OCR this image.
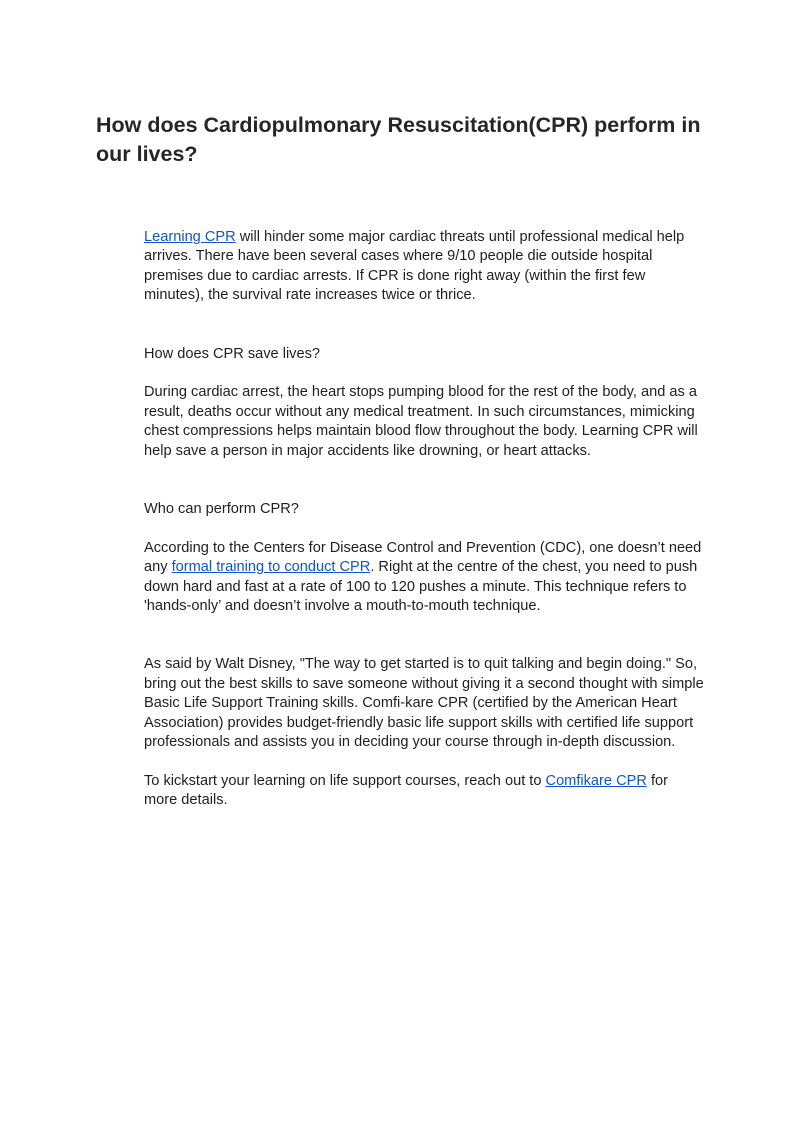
How does Cardiopulmonary Resuscitation(CPR) perform in our lives?

Learning CPR will hinder some major cardiac threats until professional medical help arrives. There have been several cases where 9/10 people die outside hospital premises due to cardiac arrests. If CPR is done right away (within the first few minutes), the survival rate increases twice or thrice.

How does CPR save lives?

During cardiac arrest, the heart stops pumping blood for the rest of the body, and as a result, deaths occur without any medical treatment. In such circumstances, mimicking chest compressions helps maintain blood flow throughout the body. Learning CPR will help save a person in major accidents like drowning, or heart attacks.

Who can perform CPR?

According to the Centers for Disease Control and Prevention (CDC), one doesn’t need any formal training to conduct CPR. Right at the centre of the chest, you need to push down hard and fast at a rate of 100 to 120 pushes a minute. This technique refers to 'hands-only’ and doesn’t involve a mouth-to-mouth technique.

As said by Walt Disney, "The way to get started is to quit talking and begin doing." So, bring out the best skills to save someone without giving it a second thought with simple Basic Life Support Training skills. Comfi-kare CPR (certified by the American Heart Association) provides budget-friendly basic life support skills with certified life support professionals and assists you in deciding your course through in-depth discussion.

To kickstart your learning on life support courses, reach out to Comfikare CPR for more details.
